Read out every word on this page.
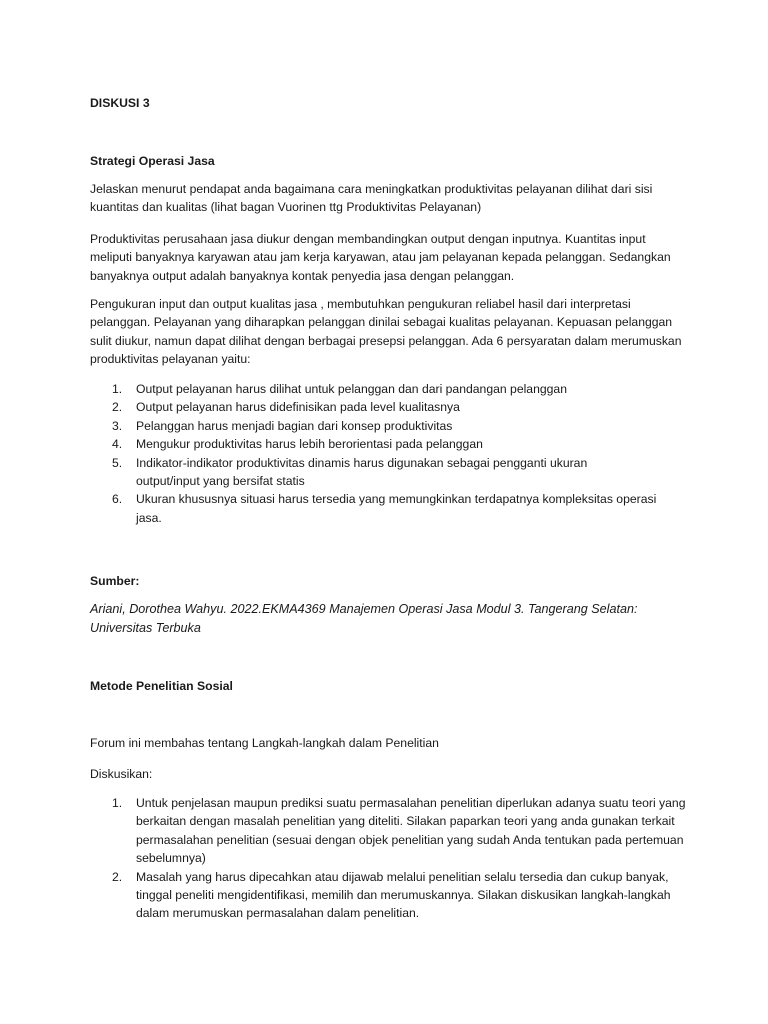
DISKUSI 3

Strategi Operasi Jasa

Jelaskan menurut pendapat anda bagaimana cara meningkatkan produktivitas pelayanan dilihat dari sisi kuantitas dan kualitas (lihat bagan Vuorinen ttg Produktivitas Pelayanan)

Produktivitas perusahaan jasa diukur dengan membandingkan output dengan inputnya. Kuantitas input meliputi banyaknya karyawan atau jam kerja karyawan, atau jam pelayanan kepada pelanggan. Sedangkan banyaknya output adalah banyaknya kontak penyedia jasa dengan pelanggan.

Pengukuran input dan output kualitas jasa , membutuhkan pengukuran reliabel hasil dari interpretasi pelanggan. Pelayanan yang diharapkan pelanggan dinilai sebagai kualitas pelayanan. Kepuasan pelanggan sulit diukur, namun dapat dilihat dengan berbagai presepsi pelanggan. Ada 6 persyaratan dalam merumuskan produktivitas pelayanan yaitu:

1. Output pelayanan harus dilihat untuk pelanggan dan dari pandangan pelanggan
2. Output pelayanan harus didefinisikan pada level kualitasnya
3. Pelanggan harus menjadi bagian dari konsep produktivitas
4. Mengukur produktivitas harus lebih berorientasi pada pelanggan
5. Indikator-indikator produktivitas dinamis harus digunakan sebagai pengganti ukuran output/input yang bersifat statis
6. Ukuran khususnya situasi harus tersedia yang memungkinkan terdapatnya kompleksitas operasi jasa.

Sumber:

Ariani, Dorothea Wahyu. 2022.EKMA4369 Manajemen Operasi Jasa Modul 3. Tangerang Selatan: Universitas Terbuka

Metode Penelitian Sosial

Forum ini membahas tentang Langkah-langkah dalam Penelitian

Diskusikan:

1. Untuk penjelasan maupun prediksi suatu permasalahan penelitian diperlukan adanya suatu teori yang berkaitan dengan masalah penelitian yang diteliti. Silakan paparkan teori yang anda gunakan terkait permasalahan penelitian (sesuai dengan objek penelitian yang sudah Anda tentukan pada pertemuan sebelumnya)
2. Masalah yang harus dipecahkan atau dijawab melalui penelitian selalu tersedia dan cukup banyak, tinggal peneliti mengidentifikasi, memilih dan merumuskannya. Silakan diskusikan langkah-langkah dalam merumuskan permasalahan dalam penelitian.
